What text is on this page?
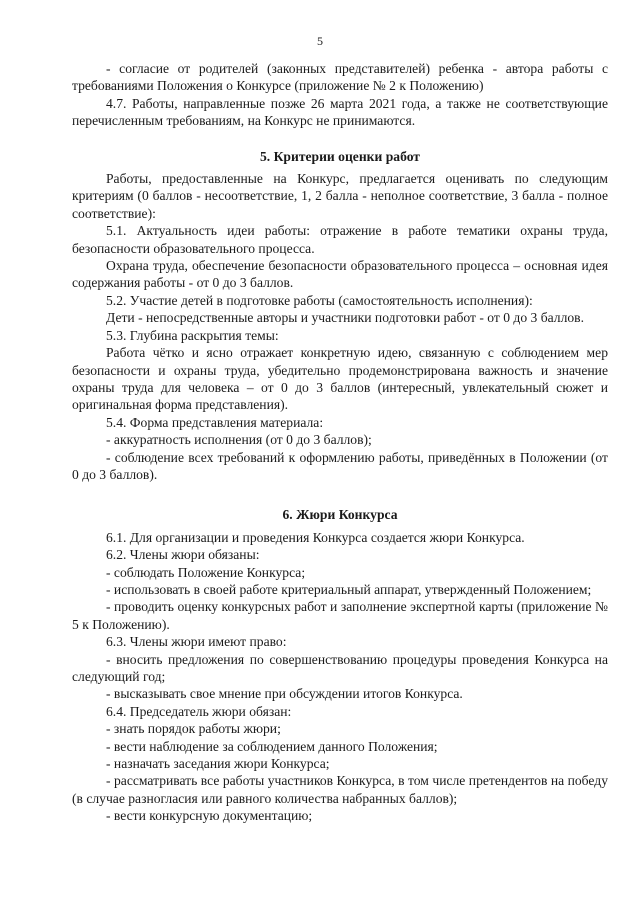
5

- согласие от родителей (законных представителей) ребенка - автора работы с требованиями Положения о Конкурсе (приложение № 2 к Положению)

4.7. Работы, направленные позже 26 марта 2021 года, а также не соответствующие перечисленным требованиям, на Конкурс не принимаются.

5. Критерии оценки работ

Работы, предоставленные на Конкурс, предлагается оценивать по следующим критериям (0 баллов - несоответствие, 1, 2 балла - неполное соответствие, 3 балла - полное соответствие):

5.1. Актуальность идеи работы: отражение в работе тематики охраны труда, безопасности образовательного процесса.

Охрана труда, обеспечение безопасности образовательного процесса – основная идея содержания работы - от 0 до 3 баллов.

5.2. Участие детей в подготовке работы (самостоятельность исполнения):

Дети - непосредственные авторы и участники подготовки работ - от 0 до 3 баллов.

5.3. Глубина раскрытия темы:

Работа чётко и ясно отражает конкретную идею, связанную с соблюдением мер безопасности и охраны труда, убедительно продемонстрирована важность и значение охраны труда для человека – от 0 до 3 баллов (интересный, увлекательный сюжет и оригинальная форма представления).

5.4. Форма представления материала:

- аккуратность исполнения (от 0 до 3 баллов);

- соблюдение всех требований к оформлению работы, приведённых в Положении (от 0 до 3 баллов).

6. Жюри Конкурса

6.1. Для организации и проведения Конкурса создается жюри Конкурса.

6.2. Члены жюри обязаны:

- соблюдать Положение Конкурса;

- использовать в своей работе критериальный аппарат, утвержденный Положением;

- проводить оценку конкурсных работ и заполнение экспертной карты (приложение № 5 к Положению).

6.3. Члены жюри имеют право:

- вносить предложения по совершенствованию процедуры проведения Конкурса на следующий год;

- высказывать свое мнение при обсуждении итогов Конкурса.

6.4. Председатель жюри обязан:

- знать порядок работы жюри;

- вести наблюдение за соблюдением данного Положения;

- назначать заседания жюри Конкурса;

- рассматривать все работы участников Конкурса, в том числе претендентов на победу (в случае разногласия или равного количества набранных баллов);

- вести конкурсную документацию;
